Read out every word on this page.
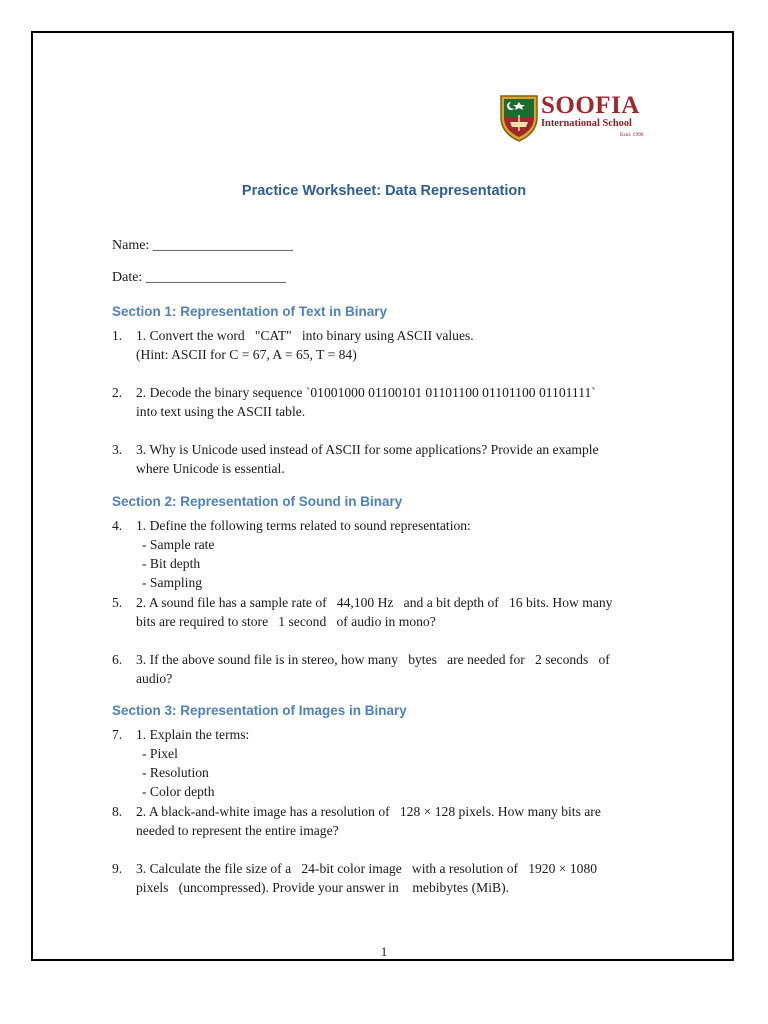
SOOFIA
International School
Estd. 1990
Practice Worksheet: Data Representation
Name: ____________________
Date: ____________________
Section 1: Representation of Text in Binary
1. 1. Convert the word   "CAT"   into binary using ASCII values.
(Hint: ASCII for C = 67, A = 65, T = 84)
2. 2. Decode the binary sequence `01001000 01100101 01101100 01101100 01101111`
into text using the ASCII table.
3. 3. Why is Unicode used instead of ASCII for some applications? Provide an example
where Unicode is essential.
Section 2: Representation of Sound in Binary
4. 1. Define the following terms related to sound representation:
- Sample rate
- Bit depth
- Sampling
5. 2. A sound file has a sample rate of   44,100 Hz   and a bit depth of   16 bits. How many
bits are required to store   1 second   of audio in mono?
6. 3. If the above sound file is in stereo, how many   bytes   are needed for   2 seconds   of
audio?
Section 3: Representation of Images in Binary
7. 1. Explain the terms:
- Pixel
- Resolution
- Color depth
8. 2. A black-and-white image has a resolution of   128 × 128 pixels. How many bits are
needed to represent the entire image?
9. 3. Calculate the file size of a   24-bit color image   with a resolution of   1920 × 1080
pixels   (uncompressed). Provide your answer in    mebibytes (MiB).
1
